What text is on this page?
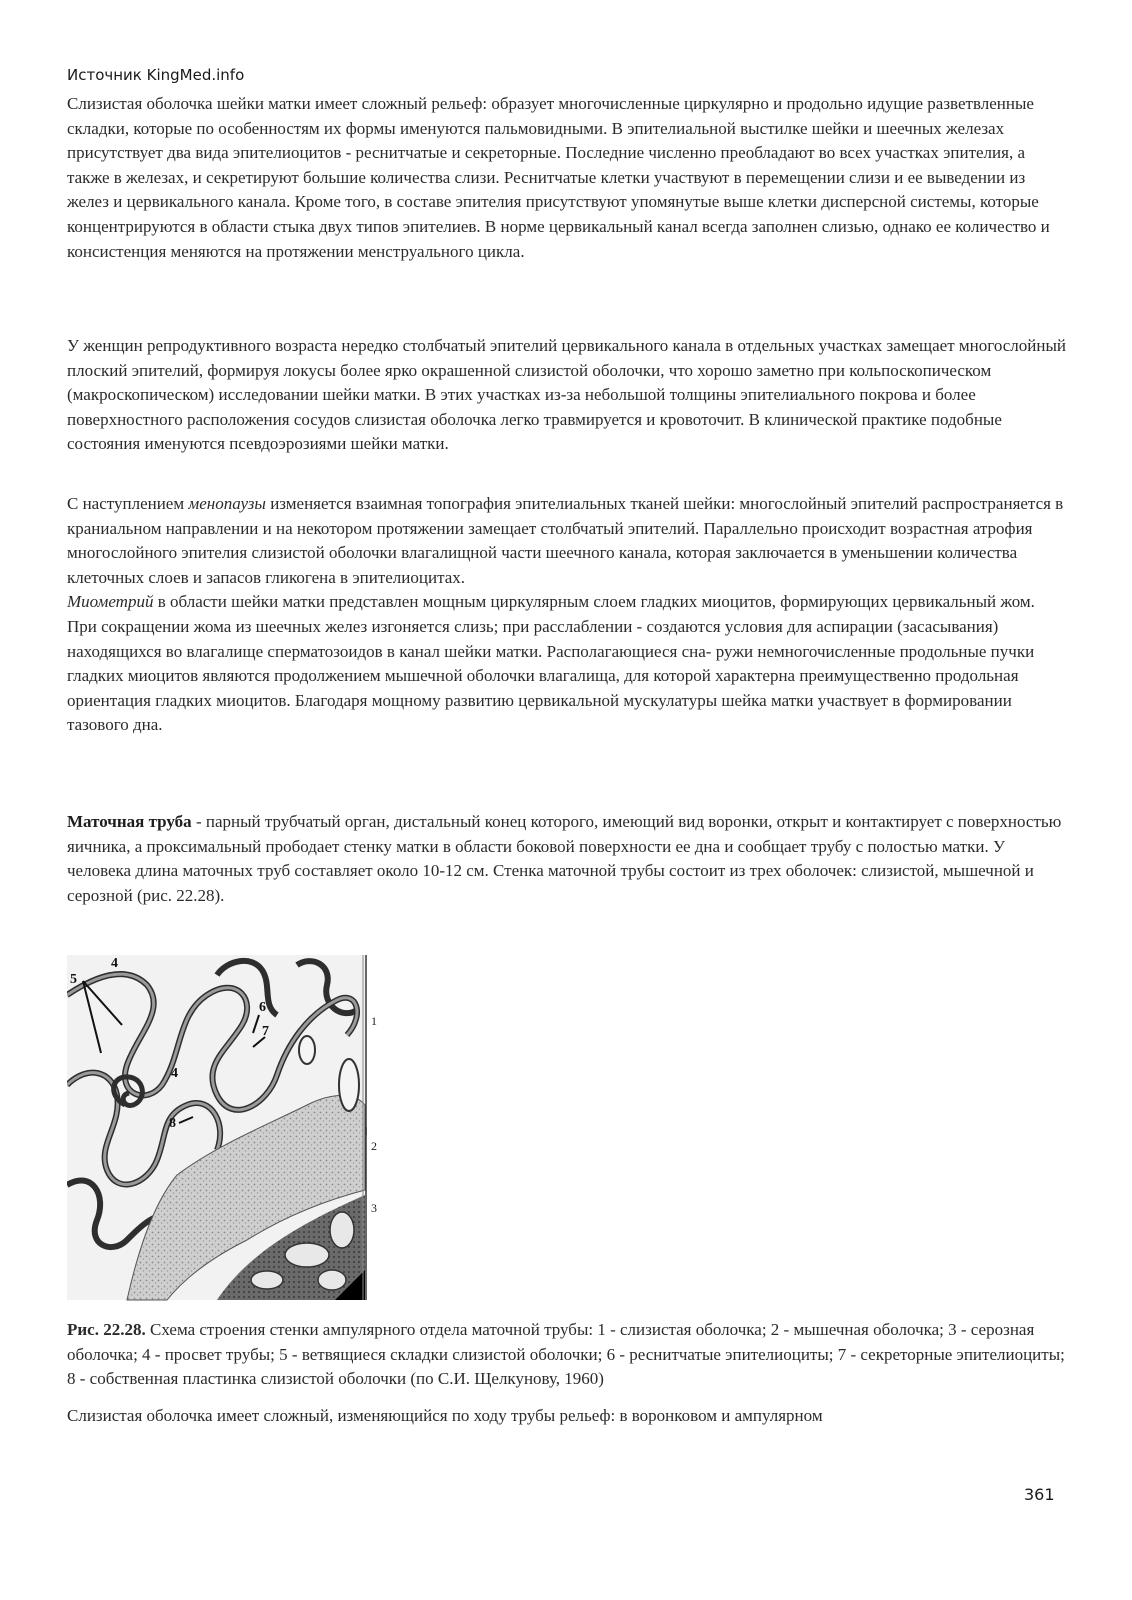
Источник KingMed.info

Слизистая оболочка шейки матки имеет сложный рельеф: образует многочисленные циркулярно и продольно идущие разветвленные складки, которые по особенностям их формы именуются пальмовидными. В эпителиальной выстилке шейки и шеечных железах присутствует два вида эпителиоцитов - реснитчатые и секреторные. Последние численно преобладают во всех участках эпителия, а также в железах, и секретируют большие количества слизи. Реснитчатые клетки участвуют в перемещении слизи и ее выведении из желез и цервикального канала. Кроме того, в составе эпителия присутствуют упомянутые выше клетки дисперсной системы, которые концентрируются в области стыка двух типов эпителиев. В норме цервикальный канал всегда заполнен слизью, однако ее количество и консистенция меняются на протяжении менструального цикла.

У женщин репродуктивного возраста нередко столбчатый эпителий цервикального канала в отдельных участках замещает многослойный плоский эпителий, формируя локусы более ярко окрашенной слизистой оболочки, что хорошо заметно при кольпоскопическом (макроскопическом) исследовании шейки матки. В этих участках из-за небольшой толщины эпителиального покрова и более поверхностного расположения сосудов слизистая оболочка легко травмируется и кровоточит. В клинической практике подобные состояния именуются псевдоэрозиями шейки матки.

С наступлением менопаузы изменяется взаимная топография эпителиальных тканей шейки: многослойный эпителий распространяется в краниальном направлении и на некотором протяжении замещает столбчатый эпителий. Параллельно происходит возрастная атрофия многослойного эпителия слизистой оболочки влагалищной части шеечного канала, которая заключается в уменьшении количества клеточных слоев и запасов гликогена в эпителиоцитах.

Миометрий в области шейки матки представлен мощным циркулярным слоем гладких миоцитов, формирующих цервикальный жом. При сокращении жома из шеечных желез изгоняется слизь; при расслаблении - создаются условия для аспирации (засасывания) находящихся во влагалище сперматозоидов в канал шейки матки. Располагающиеся сна- ружи немногочисленные продольные пучки гладких миоцитов являются продолжением мышечной оболочки влагалища, для которой характерна преимущественно продольная ориентация гладких миоцитов. Благодаря мощному развитию цервикальной мускулатуры шейка матки участвует в формировании тазового дна.

Маточная труба - парный трубчатый орган, дистальный конец которого, имеющий вид воронки, открыт и контактирует с поверхностью яичника, а проксимальный прободает стенку матки в области боковой поверхности ее дна и сообщает трубу с полостью матки. У человека длина маточных труб составляет около 10-12 см. Стенка маточной трубы состоит из трех оболочек: слизистой, мышечной и серозной (рис. 22.28).

5
4
4
6
7
8
1
2
3
Рис. 22.28. Схема строения стенки ампулярного отдела маточной трубы: 1 - слизистая оболочка; 2 - мышечная оболочка; 3 - серозная оболочка; 4 - просвет трубы; 5 - ветвящиеся складки слизистой оболочки; 6 - реснитчатые эпителиоциты; 7 - секреторные эпителиоциты; 8 - собственная пластинка слизистой оболочки (по С.И. Щелкунову, 1960)

Слизистая оболочка имеет сложный, изменяющийся по ходу трубы рельеф: в воронковом и ампулярном

361
